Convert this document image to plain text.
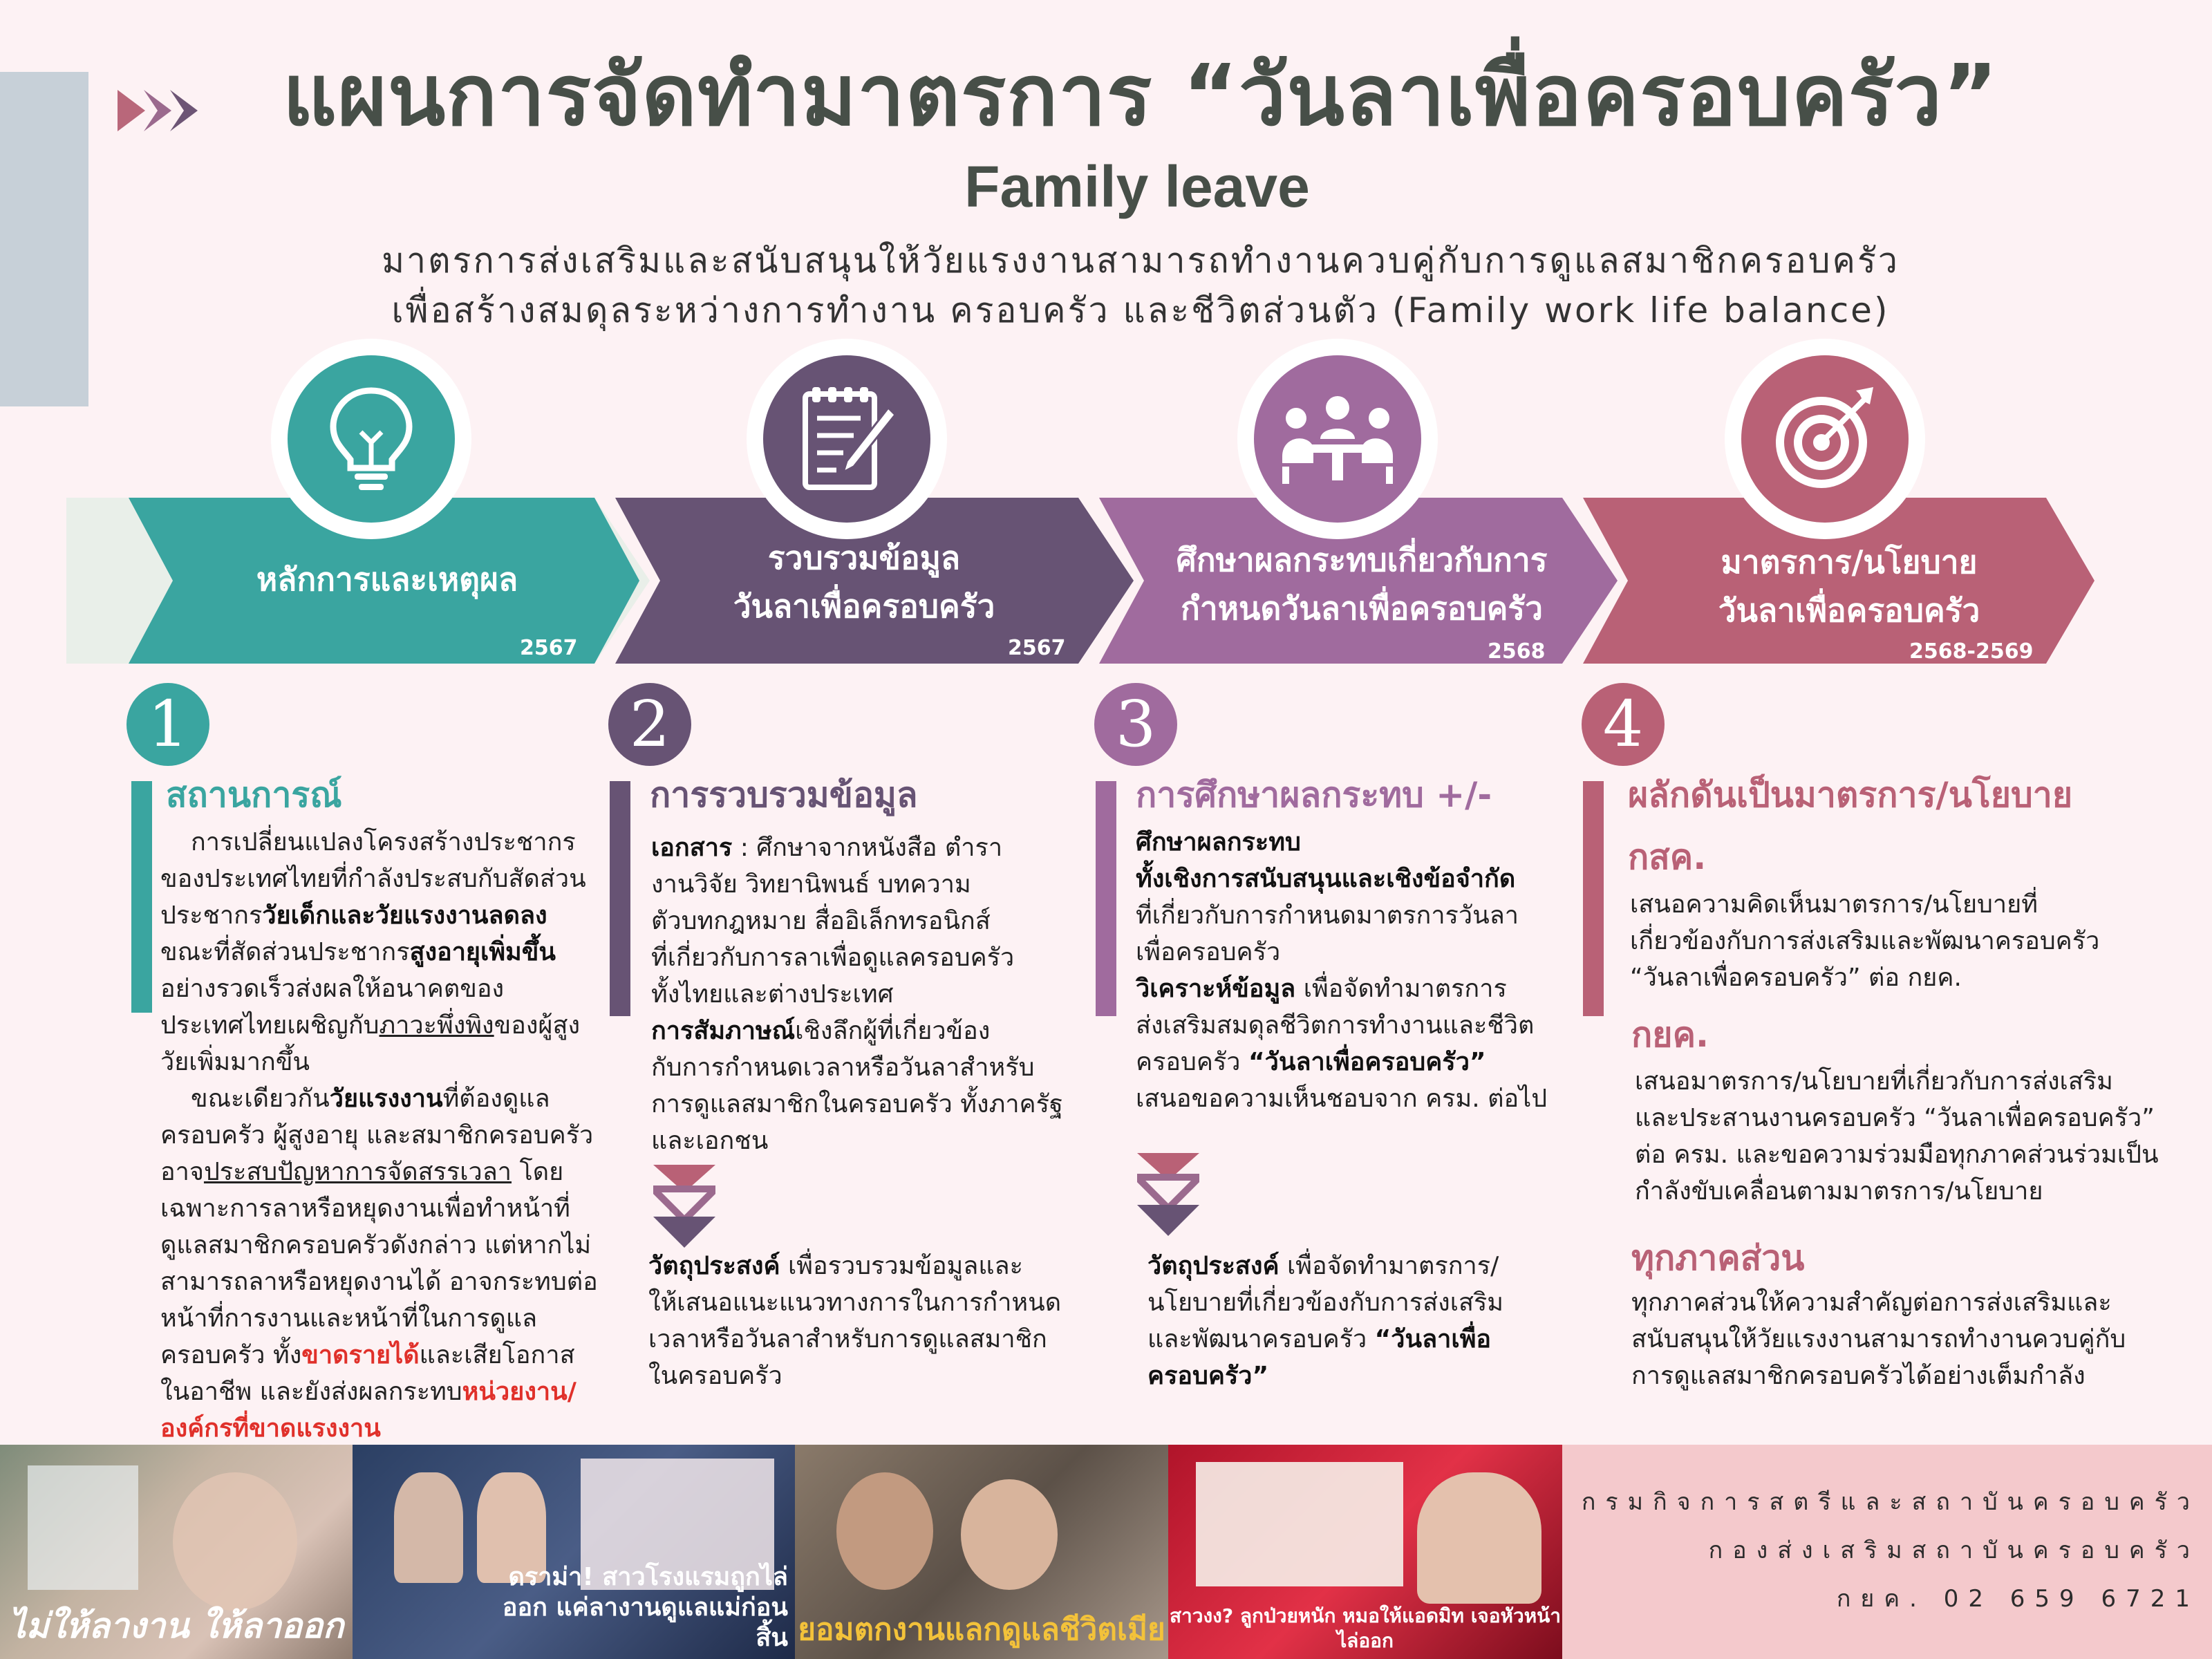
แผนการจัดทำมาตรการ “วันลาเพื่อครอบครัว”
Family leave
มาตรการส่งเสริมและสนับสนุนให้วัยแรงงานสามารถทำงานควบคู่กับการดูแลสมาชิกครอบครัว
เพื่อสร้างสมดุลระหว่างการทำงาน ครอบครัว และชีวิตส่วนตัว (Family work life balance)
หลักการและเหตุผล
2567
รวบรวมข้อมูล
วันลาเพื่อครอบครัว
2567
ศึกษาผลกระทบเกี่ยวกับการ
กำหนดวันลาเพื่อครอบครัว
2568
มาตรการ/นโยบาย
วันลาเพื่อครอบครัว
2568-2569
1	2	3	4
สถานการณ์
การเปลี่ยนแปลงโครงสร้างประชากร
ของประเทศไทยที่กำลังประสบกับสัดส่วน
ประชากรวัยเด็กและวัยแรงงานลดลง
ขณะที่สัดส่วนประชากรสูงอายุเพิ่มขึ้น
อย่างรวดเร็วส่งผลให้อนาคตของ
ประเทศไทยเผชิญกับภาวะพึ่งพิงของผู้สูง
วัยเพิ่มมากขึ้น
ขณะเดียวกันวัยแรงงานที่ต้องดูแล
ครอบครัว ผู้สูงอายุ และสมาชิกครอบครัว
อาจประสบปัญหาการจัดสรรเวลา โดย
เฉพาะการลาหรือหยุดงานเพื่อทำหน้าที่
ดูแลสมาชิกครอบครัวดังกล่าว แต่หากไม่
สามารถลาหรือหยุดงานได้ อาจกระทบต่อ
หน้าที่การงานและหน้าที่ในการดูแล
ครอบครัว ทั้งขาดรายได้และเสียโอกาส
ในอาชีพ และยังส่งผลกระทบหน่วยงาน/
องค์กรที่ขาดแรงงาน
การรวบรวมข้อมูล
เอกสาร : ศึกษาจากหนังสือ ตำรา
งานวิจัย วิทยานิพนธ์ บทความ
ตัวบทกฎหมาย สื่ออิเล็กทรอนิกส์
ที่เกี่ยวกับการลาเพื่อดูแลครอบครัว
ทั้งไทยและต่างประเทศ
การสัมภาษณ์เชิงลึกผู้ที่เกี่ยวข้อง
กับการกำหนดเวลาหรือวันลาสำหรับ
การดูแลสมาชิกในครอบครัว ทั้งภาครัฐ
และเอกชน
วัตถุประสงค์ เพื่อรวบรวมข้อมูลและ
ให้เสนอแนะแนวทางการในการกำหนด
เวลาหรือวันลาสำหรับการดูแลสมาชิก
ในครอบครัว
การศึกษาผลกระทบ +/-
ศึกษาผลกระทบ
ทั้งเชิงการสนับสนุนและเชิงข้อจำกัด
ที่เกี่ยวกับการกำหนดมาตรการวันลา
เพื่อครอบครัว
วิเคราะห์ข้อมูล เพื่อจัดทำมาตรการ
ส่งเสริมสมดุลชีวิตการทำงานและชีวิต
ครอบครัว “วันลาเพื่อครอบครัว”
เสนอขอความเห็นชอบจาก ครม. ต่อไป
วัตถุประสงค์ เพื่อจัดทำมาตรการ/
นโยบายที่เกี่ยวข้องกับการส่งเสริม
และพัฒนาครอบครัว “วันลาเพื่อ
ครอบครัว”
ผลักดันเป็นมาตรการ/นโยบาย
กสค.
เสนอความคิดเห็นมาตรการ/นโยบายที่
เกี่ยวข้องกับการส่งเสริมและพัฒนาครอบครัว
“วันลาเพื่อครอบครัว” ต่อ กยค.
กยค.
เสนอมาตรการ/นโยบายที่เกี่ยวกับการส่งเสริม
และประสานงานครอบครัว “วันลาเพื่อครอบครัว”
ต่อ ครม. และขอความร่วมมือทุกภาคส่วนร่วมเป็น
กำลังขับเคลื่อนตามมาตรการ/นโยบาย
ทุกภาคส่วน
ทุกภาคส่วนให้ความสำคัญต่อการส่งเสริมและ
สนับสนุนให้วัยแรงงานสามารถทำงานควบคู่กับ
การดูแลสมาชิกครอบครัวได้อย่างเต็มกำลัง
ไม่ให้ลางาน ให้ลาออก
ดราม่า! สาวโรงแรมถูกไล่ออก แค่ลางานดูแลแม่ก่อนสิ้น ยอมตกงานแลกดูแลชีวิตเมีย สาวงง? ลูกป่วยหนัก หมอให้แอดมิท เจอหัวหน้าไล่ออก
กรมกิจการสตรีและสถาบันครอบครัว
กองส่งเสริมสถาบันครอบครัว
กยค. 02 659 6721
